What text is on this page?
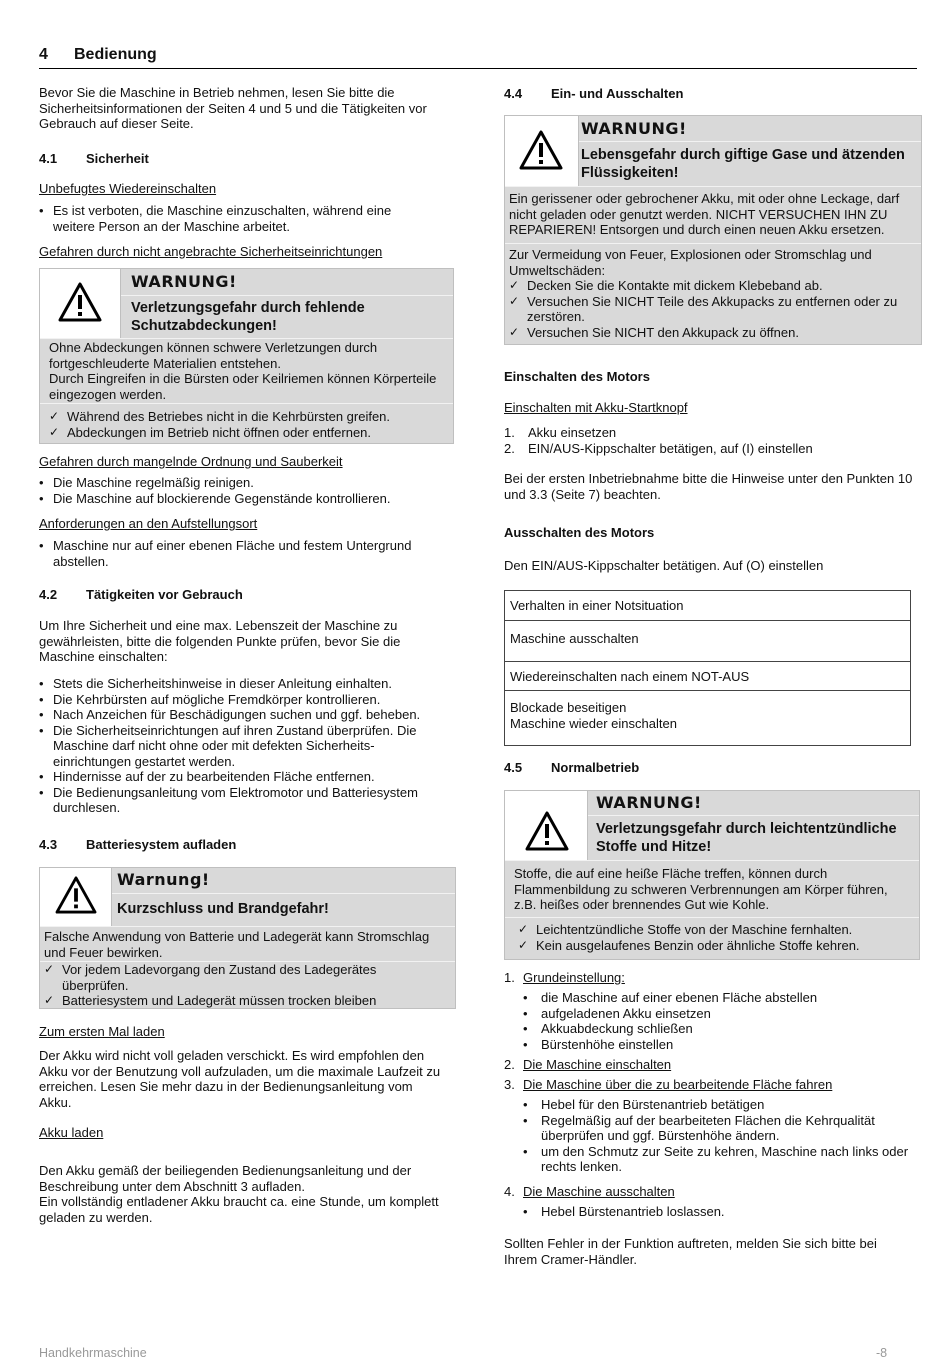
4 Bedienung

Bevor Sie die Maschine in Betrieb nehmen, lesen Sie bitte die Sicherheitsinformationen der Seiten 4 und 5 und die Tätigkeiten vor Gebrauch auf dieser Seite.

4.1 Sicherheit
Unbefugtes Wiedereinschalten
• Es ist verboten, die Maschine einzuschalten, während eine weitere Person an der Maschine arbeitet.
Gefahren durch nicht angebrachte Sicherheitseinrichtungen
WARNUNG!
Verletzungsgefahr durch fehlende Schutzabdeckungen!

Ohne Abdeckungen können schwere Verletzungen durch fortgeschleuderte Materialien entstehen.

Durch Eingreifen in die Bürsten oder Keilriemen können Körperteile eingezogen werden.

✓ Während des Betriebes nicht in die Kehrbürsten greifen.
✓ Abdeckungen im Betrieb nicht öffnen oder entfernen.
Gefahren durch mangelnde Ordnung und Sauberkeit
• Die Maschine regelmäßig reinigen.
• Die Maschine auf blockierende Gegenstände kontrollieren.
Anforderungen an den Aufstellungsort
• Maschine nur auf einer ebenen Fläche und festem Untergrund abstellen.
4.2 Tätigkeiten vor Gebrauch

Um Ihre Sicherheit und eine max. Lebenszeit der Maschine zu gewährleisten, bitte die folgenden Punkte prüfen, bevor Sie die Maschine einschalten:

• Stets die Sicherheitshinweise in dieser Anleitung einhalten.
• Die Kehrbürsten auf mögliche Fremdkörper kontrollieren.
• Nach Anzeichen für Beschädigungen suchen und ggf. beheben.
• Die Sicherheitseinrichtungen auf ihren Zustand überprüfen. Die Maschine darf nicht ohne oder mit defekten Sicherheits- einrichtungen gestartet werden.
• Hindernisse auf der zu bearbeitenden Fläche entfernen.
• Die Bedienungsanleitung vom Elektromotor und Batteriesystem durchlesen.
4.3 Batteriesystem aufladen
Warnung!
Kurzschluss und Brandgefahr!

Falsche Anwendung von Batterie und Ladegerät kann Stromschlag und Feuer bewirken.

✓ Vor jedem Ladevorgang den Zustand des Ladegerätes überprüfen.
✓ Batteriesystem und Ladegerät müssen trocken bleiben
Zum ersten Mal laden

Der Akku wird nicht voll geladen verschickt. Es wird empfohlen den Akku vor der Benutzung voll aufzuladen, um die maximale Laufzeit zu erreichen. Lesen Sie mehr dazu in der Bedienungsanleitung vom Akku.

Akku laden

Den Akku gemäß der beiliegenden Bedienungsanleitung und der Beschreibung unter dem Abschnitt 3 aufladen.

Ein vollständig entladener Akku braucht ca. eine Stunde, um komplett geladen zu werden.

4.4 Ein- und Ausschalten
WARNUNG!
Lebensgefahr durch giftige Gase und ätzenden Flüssigkeiten!

Ein gerissener oder gebrochener Akku, mit oder ohne Leckage, darf nicht geladen oder genutzt werden. NICHT VERSUCHEN IHN ZU REPARIEREN! Entsorgen und durch einen neuen Akku ersetzen.

Zur Vermeidung von Feuer, Explosionen oder Stromschlag und Umweltschäden:

✓ Decken Sie die Kontakte mit dickem Klebeband ab.
✓ Versuchen Sie NICHT Teile des Akkupacks zu entfernen oder zu zerstören.
✓ Versuchen Sie NICHT den Akkupack zu öffnen.
Einschalten des Motors
Einschalten mit Akku-Startknopf
1. Akku einsetzen
2. EIN/AUS-Kippschalter betätigen, auf (I) einstellen

Bei der ersten Inbetriebnahme bitte die Hinweise unter den Punkten 10 und 3.3 (Seite 7) beachten.

Ausschalten des Motors

Den EIN/AUS-Kippschalter betätigen. Auf (O) einstellen

Verhalten in einer Notsituation
Maschine ausschalten
Wiedereinschalten nach einem NOT-AUS
Blockade beseitigen
Maschine wieder einschalten
4.5 Normalbetrieb
WARNUNG!
Verletzungsgefahr durch leichtentzündliche Stoffe und Hitze!

Stoffe, die auf eine heiße Fläche treffen, können durch Flammenbildung zu schweren Verbrennungen am Körper führen, z.B. heißes oder brennendes Gut wie Kohle.

✓ Leichtentzündliche Stoffe von der Maschine fernhalten.
✓ Kein ausgelaufenes Benzin oder ähnliche Stoffe kehren.
1. Grundeinstellung:
• die Maschine auf einer ebenen Fläche abstellen
• aufgeladenen Akku einsetzen
• Akkuabdeckung schließen
• Bürstenhöhe einstellen
2. Die Maschine einschalten
3. Die Maschine über die zu bearbeitende Fläche fahren
• Hebel für den Bürstenantrieb betätigen
• Regelmäßig auf der bearbeiteten Flächen die Kehrqualität überprüfen und ggf. Bürstenhöhe ändern.
• um den Schmutz zur Seite zu kehren, Maschine nach links oder rechts lenken.
4. Die Maschine ausschalten
• Hebel Bürstenantrieb loslassen.

Sollten Fehler in der Funktion auftreten, melden Sie sich bitte bei Ihrem Cramer-Händler.

Handkehrmaschine	-8
